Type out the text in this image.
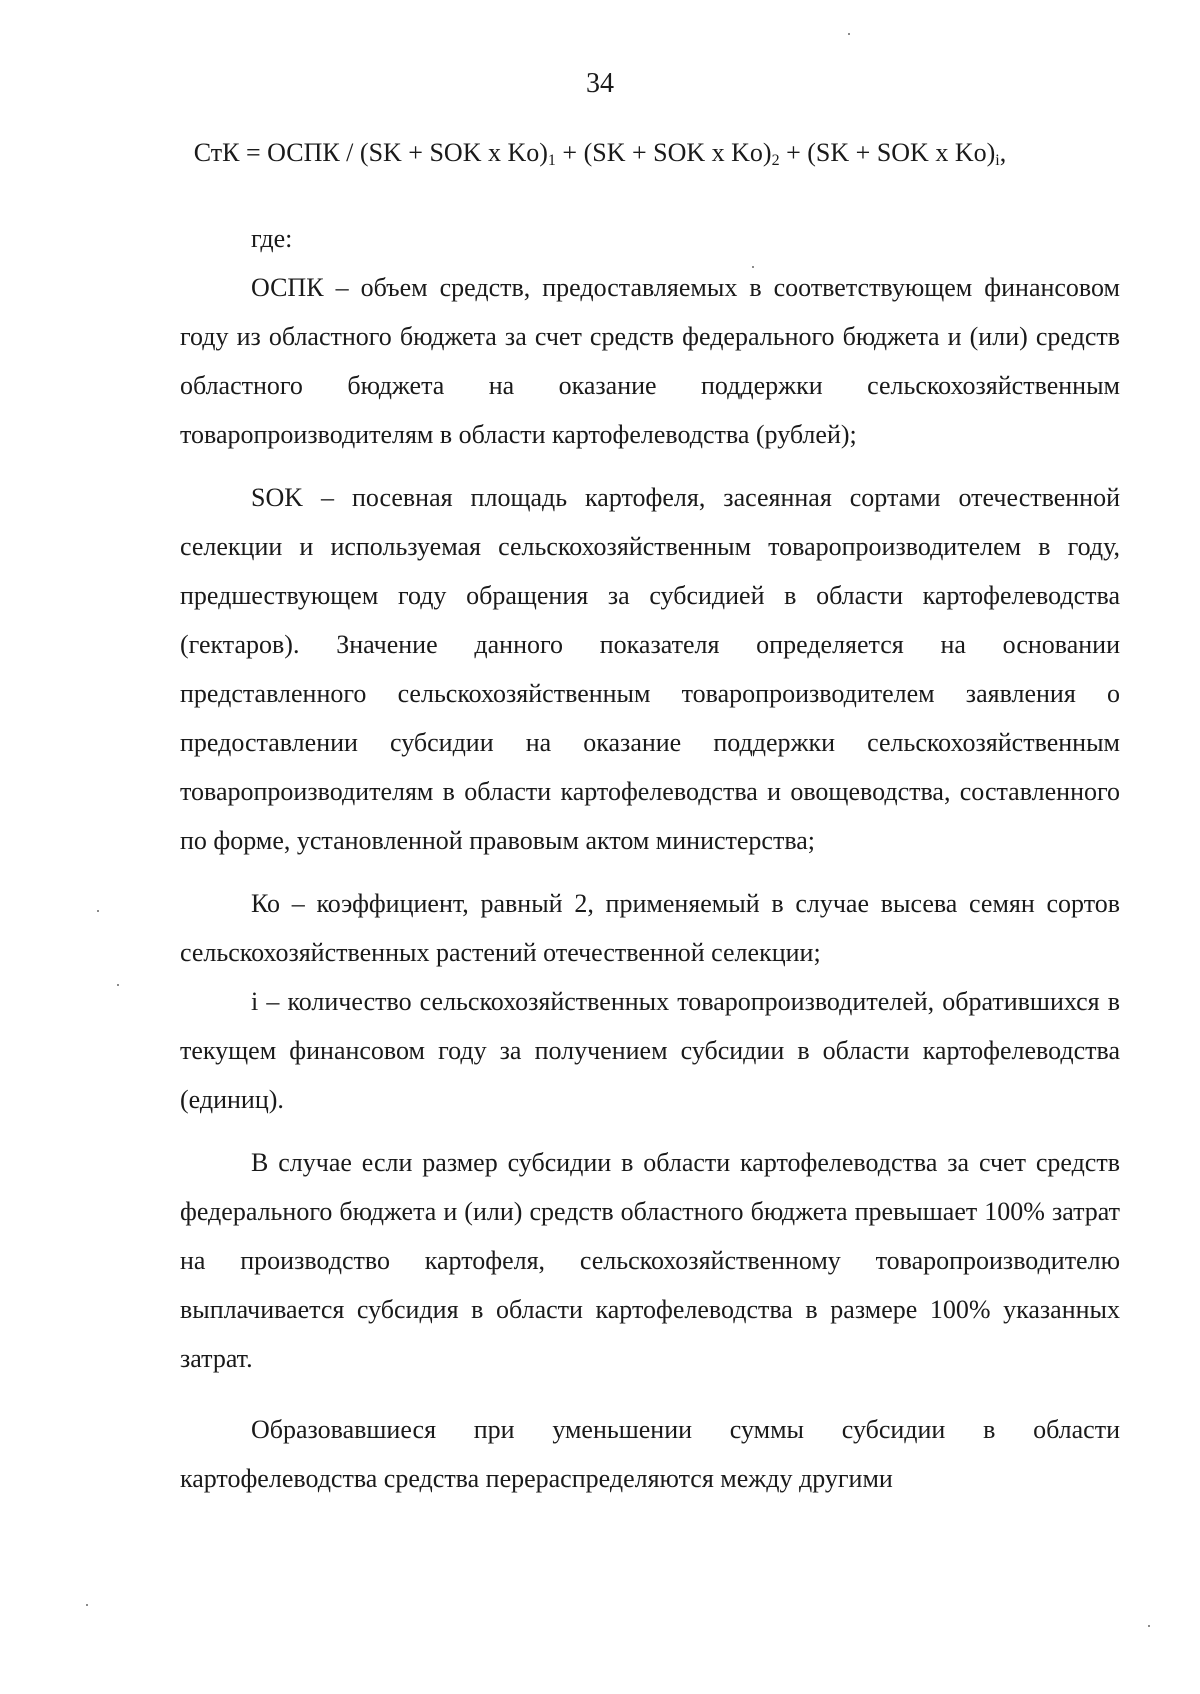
34
СтК = ОСПК / (SK + SOK x $Ko)_1 + (SK$ + SOK x $Ko)_2 + (SK$ + SOK x $Ko)_i$,

где:

ОСПК – объем средств, предоставляемых в соответствующем финансовом году из областного бюджета за счет средств федерального бюджета и (или) средств областного бюджета на оказание поддержки сельскохозяйственным товаропроизводителям в области картофелеводства (рублей);

SOK – посевная площадь картофеля, засеянная сортами отечественной селекции и используемая сельскохозяйственным товаропроизводителем в году, предшествующем году обращения за субсидией в области картофелеводства (гектаров). Значение данного показателя определяется на основании представленного сельскохозяйственным товаропроизводителем заявления о предоставлении субсидии на оказание поддержки сельскохозяйственным товаропроизводителям в области картофелеводства и овощеводства, составленного по форме, установленной правовым актом министерства;

Ко – коэффициент, равный 2, применяемый в случае высева семян сортов сельскохозяйственных растений отечественной селекции;

i – количество сельскохозяйственных товаропроизводителей, обратившихся в текущем финансовом году за получением субсидии в области картофелеводства (единиц).

В случае если размер субсидии в области картофелеводства за счет средств федерального бюджета и (или) средств областного бюджета превышает 100% затрат на производство картофеля, сельскохозяйственному товаропроизводителю выплачивается субсидия в области картофелеводства в размере 100% указанных затрат.

Образовавшиеся при уменьшении суммы субсидии в области картофелеводства средства перераспределяются между другими
